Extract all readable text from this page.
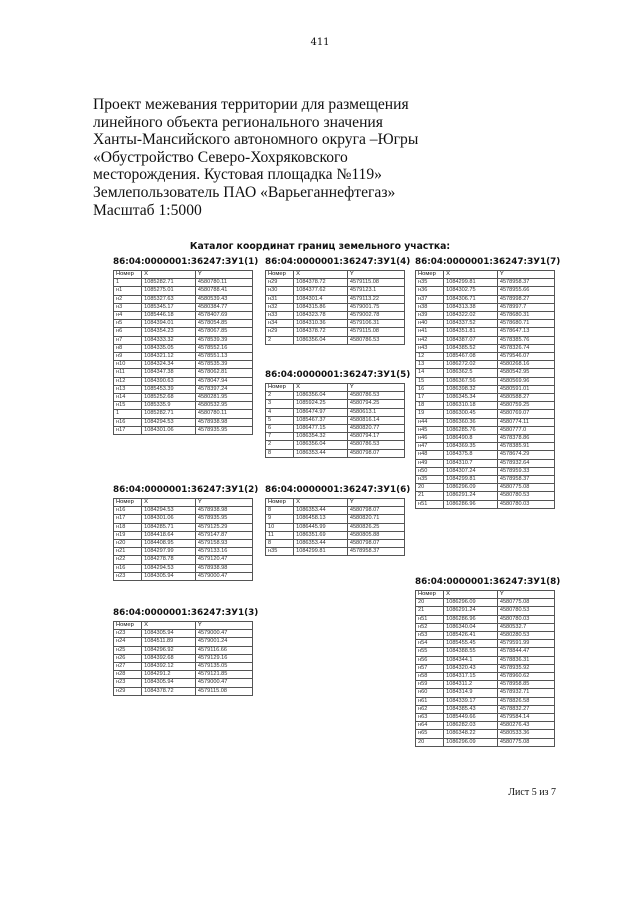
411
Проект межевания территории для размещения
линейного объекта регионального значения
Ханты-Мансийского автономного округа –Югры
«Обустройство Северо-Хохряковского
месторождения. Кустовая площадка №119»
Землепользователь ПАО «Варьеганнефтегаз»
Масштаб 1:5000
Каталог координат границ земельного участка:
86:04:0000001:36247:ЗУ1(1)
Номер	X	Y
1	1085282.71	4580780.11
н1	1085275.01	4580788.41
н2	1085327.63	4580539.43
н3	1085345.17	4580384.77
н4	1085446.18	4578407.69
н5	1084394.01	4578054.85
н6	1084354.23	4578067.85
н7	1084333.32	4578539.39
н8	1084335.05	4578552.16
н9	1084321.12	4578551.13
н10	1084324.34	4578535.39
н11	1084347.38	4578062.81
н12	1084390.63	4578047.94
н13	1085453.39	4578397.24
н14	1085252.68	4580281.95
н15	1085335.9	4580532.95
1	1085282.71	4580780.11
н16	1084294.53	4578938.98
н17	1084301.06	4578935.95
86:04:0000001:36247:ЗУ1(2)
Номер	X	Y
н16	1084294.53	4578938.98
н17	1084301.06	4578935.95
н18	1084285.71	4579125.29
н19	1084418.64	4579147.87
н20	1084408.95	4579158.93
н21	1084297.99	4579133.16
н22	1084278.78	4579120.47
н16	1084294.53	4578938.98
н23	1084305.94	4579000.47
86:04:0000001:36247:ЗУ1(3)
Номер	X	Y
н23	1084305.94	4579000.47
н24	1084511.89	4579001.24
н25	1084296.92	4579116.66
н26	1084392.68	4579129.16
н27	1084392.12	4579135.05
н28	1084291.2	4579121.85
н23	1084305.94	4579000.47
н29	1084378.72	4579115.08
86:04:0000001:36247:ЗУ1(4)
Номер	X	Y
н29	1084378.72	4579115.08
н30	1084377.62	4579123.1
н31	1084301.4	4579113.22
н32	1084315.86	4579001.75
н33	1084323.78	4579002.78
н34	1084310.36	4579106.31
н29	1084378.72	4579115.08
2	1086356.04	4580786.53
86:04:0000001:36247:ЗУ1(5)
Номер	X	Y
2	1086356.04	4580786.53
3	1085924.25	4580794.25
4	1086474.97	4580613.1
5	1085467.37	4580816.14
6	1086477.15	4580820.77
7	1086354.32	4580794.17
2	1086356.04	4580786.53
8	1086353.44	4580798.07
86:04:0000001:36247:ЗУ1(6)
Номер	X	Y
8	1086353.44	4580798.07
9	1086458.13	4580820.71
10	1086445.99	4580826.25
11	1086351.69	4580805.88
8	1086353.44	4580798.07
н35	1084299.81	4578958.37
86:04:0000001:36247:ЗУ1(7)
Номер	X	Y
н35	1084299.81	4578958.37
н36	1084302.75	4578955.66
н37	1084306.71	4578998.27
н38	1084313.38	4578997.7
н39	1084322.02	4578680.31
н40	1084337.52	4578680.71
н41	1084351.81	4578647.13
н42	1084387.07	4578385.76
н43	1084385.52	4578326.74
12	1085467.08	4579546.07
13	1086272.02	4580268.16
14	1086362.5	4580542.95
15	1086367.56	4580569.96
16	1086398.32	4580591.01
17	1086345.34	4580588.27
18	1086310.18	4580759.25
19	1086300.45	4580769.07
н44	1086360.36	4580774.11
н45	1086285.76	4580777.0
н46	1086490.8	4578378.86
н47	1084369.35	4578385.91
н48	1084375.8	4578674.29
н49	1084310.7	4578932.64
н50	1084307.24	4578959.33
н35	1084299.81	4578958.37
20	1086296.09	4580775.08
21	1086291.24	4580780.53
н51	1086286.96	4580780.03
86:04:0000001:36247:ЗУ1(8)
Номер	X	Y
20	1086296.09	4580775.08
21	1086291.24	4580780.53
н51	1086286.96	4580780.03
н52	1086340.04	4580532.7
н53	1085426.41	4580280.53
н54	1085455.45	4579591.99
н55	1084388.55	4578844.47
н56	1084344.1	4578836.31
н57	1084320.43	4578935.92
н58	1084317.15	4578960.62
н59	1084311.2	4578958.85
н60	1084314.9	4578932.71
н61	1084339.17	4578826.58
н62	1084385.43	4578832.27
н63	1085449.66	4579584.14
н64	1086282.03	4580276.43
н65	1086348.22	4580533.36
20	1086296.09	4580775.08
Лист 5 из 7
